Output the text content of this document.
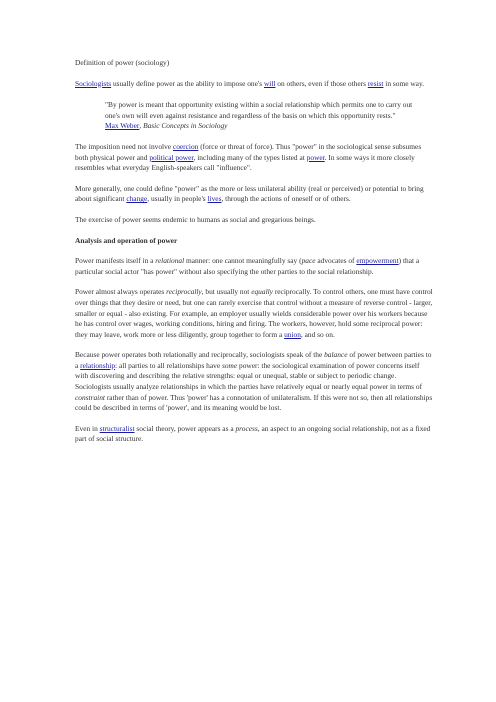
Definition of power (sociology)

Sociologists usually define power as the ability to impose one's will on others, even if those others resist in some way.

"By power is meant that opportunity existing within a social relationship which permits one to carry out one's own will even against resistance and regardless of the basis on which this opportunity rests."

Max Weber, Basic Concepts in Sociology

The imposition need not involve coercion (force or threat of force). Thus "power" in the sociological sense subsumes both physical power and political power, including many of the types listed at power. In some ways it more closely resembles what everyday English-speakers call "influence".

More generally, one could define "power" as the more or less unilateral ability (real or perceived) or potential to bring about significant change, usually in people's lives, through the actions of oneself or of others.

The exercise of power seems endemic to humans as social and gregarious beings.

Analysis and operation of power

Power manifests itself in a relational manner: one cannot meaningfully say (pace advocates of empowerment) that a particular social actor "has power" without also specifying the other parties to the social relationship.

Power almost always operates reciprocally, but usually not equally reciprocally. To control others, one must have control over things that they desire or need, but one can rarely exercise that control without a measure of reverse control - larger, smaller or equal - also existing. For example, an employer usually wields considerable power over his workers because he has control over wages, working conditions, hiring and firing. The workers, however, hold some reciprocal power: they may leave, work more or less diligently, group together to form a union, and so on.

Because power operates both relationally and reciprocally, sociologists speak of the balance of power between parties to a relationship: all parties to all relationships have some power: the sociological examination of power concerns itself with discovering and describing the relative strengths: equal or unequal, stable or subject to periodic change. Sociologists usually analyze relationships in which the parties have relatively equal or nearly equal power in terms of constraint rather than of power. Thus 'power' has a connotation of unilateralism. If this were not so, then all relationships could be described in terms of 'power', and its meaning would be lost.

Even in structuralist social theory, power appears as a process, an aspect to an ongoing social relationship, not as a fixed part of social structure.
